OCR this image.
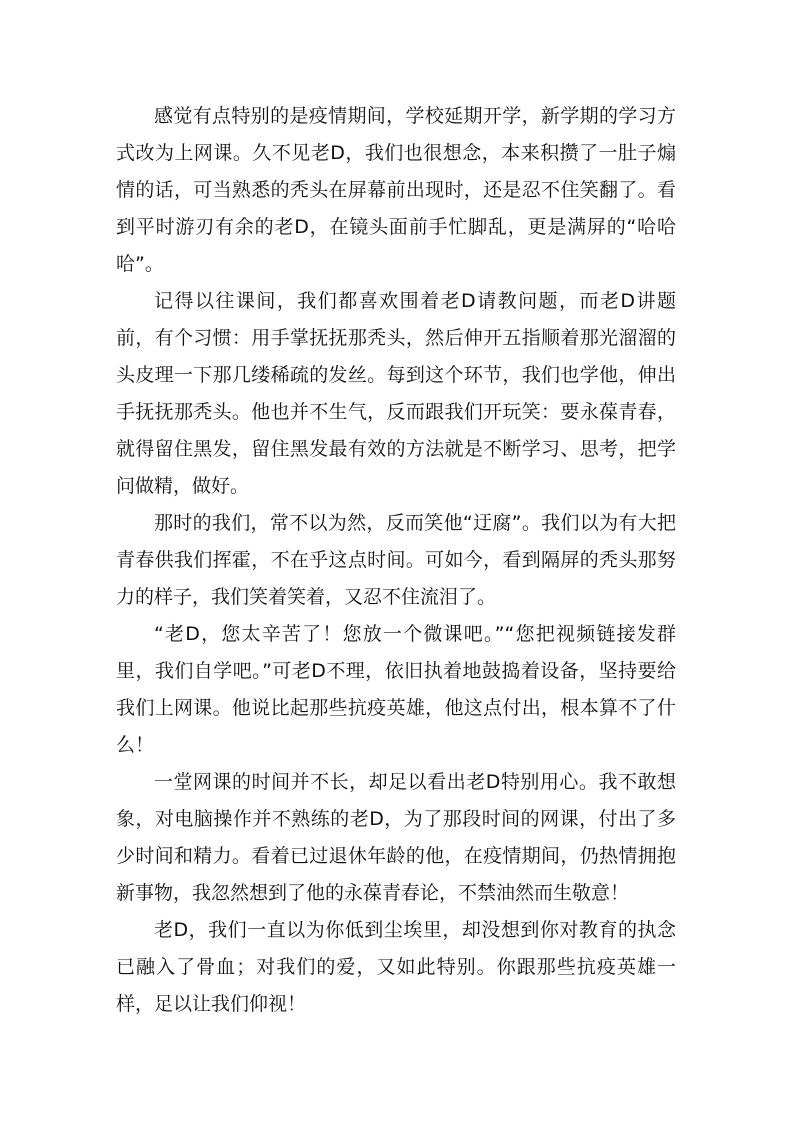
感觉有点特别的是疫情期间，学校延期开学，新学期的学习方式改为上网课。久不见老D，我们也很想念，本来积攒了一肚子煽情的话，可当熟悉的秃头在屏幕前出现时，还是忍不住笑翻了。看到平时游刃有余的老D，在镜头面前手忙脚乱，更是满屏的“哈哈哈”。

记得以往课间，我们都喜欢围着老D请教问题，而老D讲题前，有个习惯：用手掌抚抚那秃头，然后伸开五指顺着那光溜溜的头皮理一下那几缕稀疏的发丝。每到这个环节，我们也学他，伸出手抚抚那秃头。他也并不生气，反而跟我们开玩笑：要永葆青春，就得留住黑发，留住黑发最有效的方法就是不断学习、思考，把学问做精，做好。

那时的我们，常不以为然，反而笑他“迂腐”。我们以为有大把青春供我们挥霍，不在乎这点时间。可如今，看到隔屏的秃头那努力的样子，我们笑着笑着，又忍不住流泪了。

“老D，您太辛苦了！您放一个微课吧。”“您把视频链接发群里，我们自学吧。”可老D不理，依旧执着地鼓捣着设备，坚持要给我们上网课。他说比起那些抗疫英雄，他这点付出，根本算不了什么！

一堂网课的时间并不长，却足以看出老D特别用心。我不敢想象，对电脑操作并不熟练的老D，为了那段时间的网课，付出了多少时间和精力。看着已过退休年龄的他，在疫情期间，仍热情拥抱新事物，我忽然想到了他的永葆青春论，不禁油然而生敬意！

老D，我们一直以为你低到尘埃里，却没想到你对教育的执念已融入了骨血；对我们的爱，又如此特别。你跟那些抗疫英雄一样，足以让我们仰视！
